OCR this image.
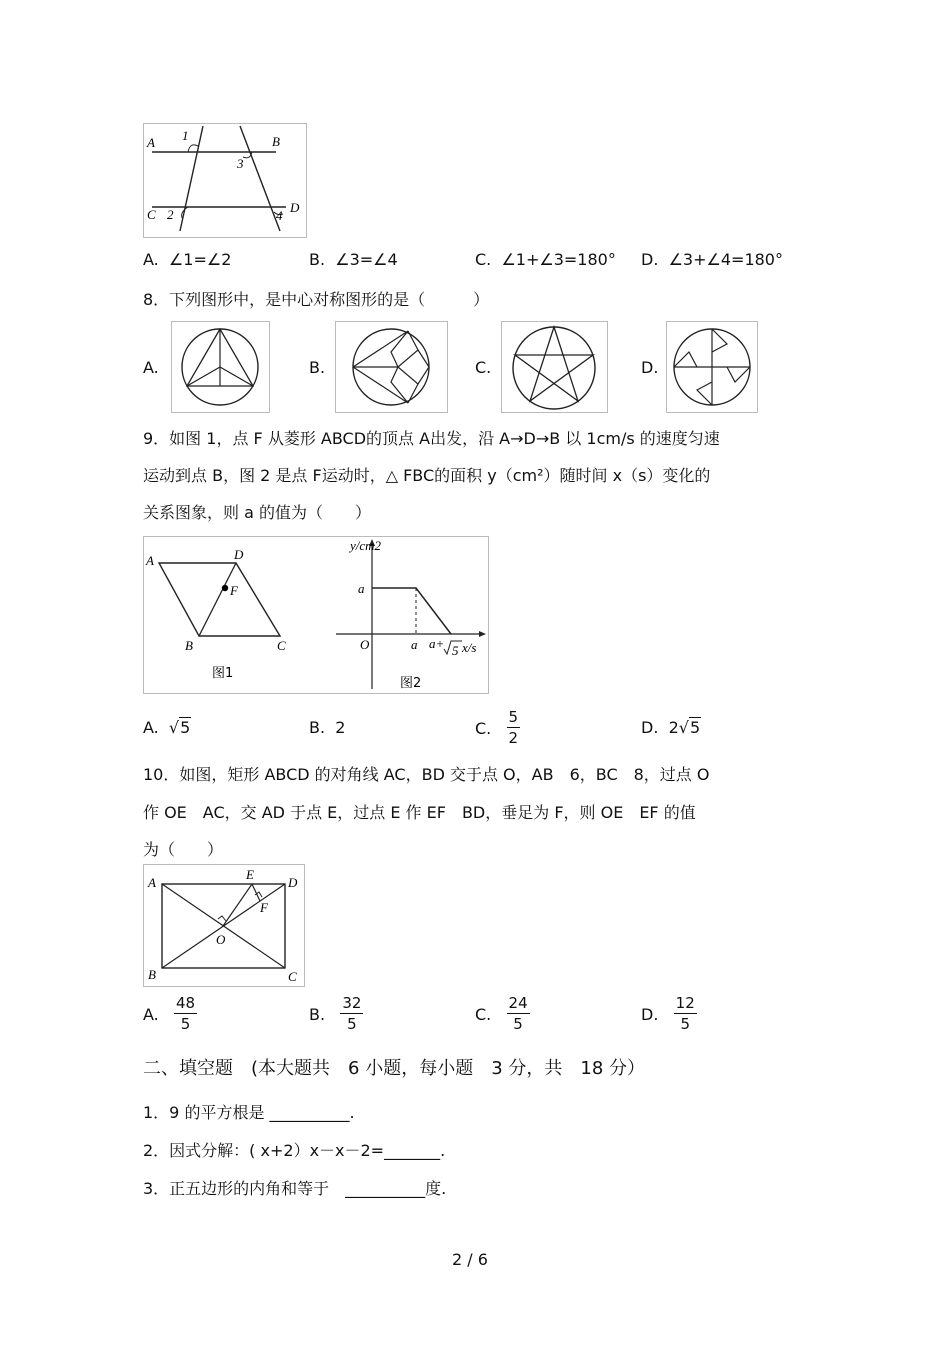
A	B
C	D
1
2
3
4
A. ∠1=∠2	B. ∠3=∠4	C. ∠1+∠3=180° D. ∠3+∠4=180°
8．下列图形中，是中心对称图形的是（　　　）
A.	B.	C.	D.
9．如图 1，点 F 从菱形 ABCD的顶点 A出发，沿 A→D→B 以 1cm/s 的速度匀速
运动到点 B，图 2 是点 F运动时，△ FBC的面积 y（cm²）随时间 x（s）变化的
关系图象，则 a 的值为（　　）
A	D
F
B	C
图1
y/cm2
a
O	a a+ 5 x/s
图2
A. √5	B. 2	C.
$\frac{5}{2}$	D. 2√5
10．如图，矩形 ABCD 的对角线 AC，BD 交于点 O，AB　6，BC　8，过点 O
作 OE　AC，交 AD 于点 E，过点 E 作 EF　BD，垂足为 F，则 OE　EF 的值
为（　　）
A	D
B	C
E
F
O
A.
$\frac{48}{5}$	B.
$\frac{32}{5}$	C.
$\frac{24}{5}$	D.
$\frac{12}{5}$
二、填空题　(本大题共　6 小题，每小题　3 分，共　18 分）
1．9 的平方根是 __________.
2．因式分解：( x+2）x－x－2=_______.
3．正五边形的内角和等于　__________度.
2 / 6
